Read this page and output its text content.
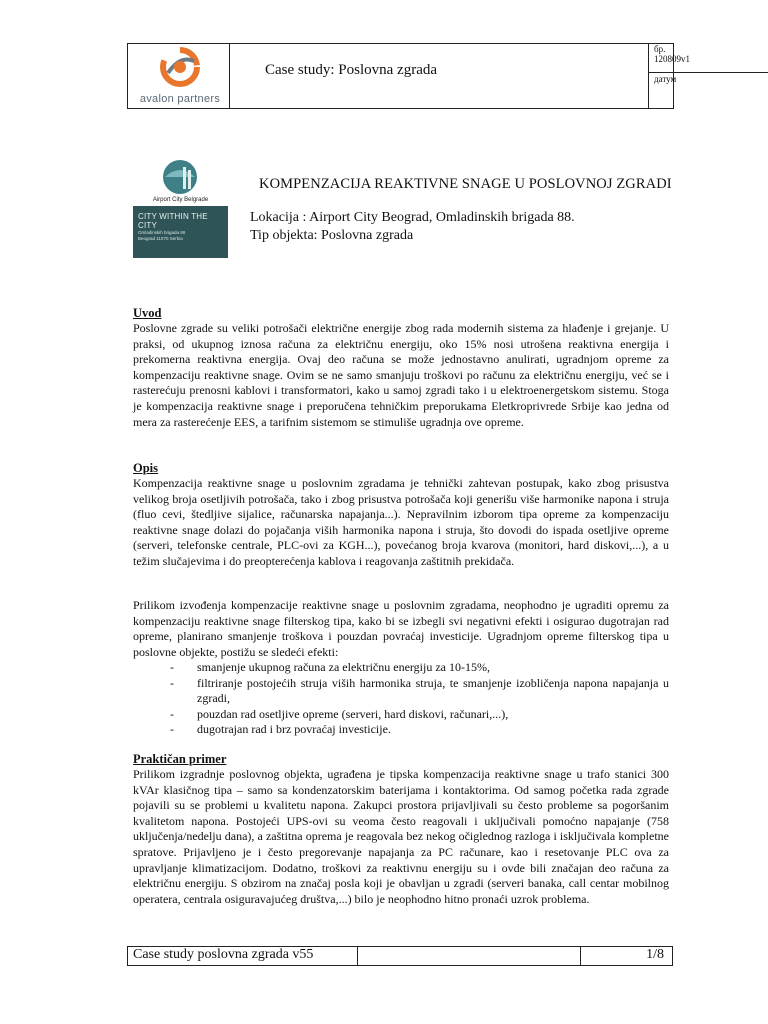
avalon partners
Case study: Poslovna zgrada
бр. 120809v1
датум
Airport City Belgrade
CITY WITHIN THE CITY
Omladinskih brigada 88 Beograd 11070 Serbia
KOMPENZACIJA REAKTIVNE SNAGE U POSLOVNOJ ZGRADI
Lokacija : Airport City Beograd, Omladinskih brigada 88.
Tip objekta: Poslovna zgrada
Uvod

Poslovne zgrade su veliki potrošači električne energije zbog rada modernih sistema za hlađenje i grejanje. U praksi, od ukupnog iznosa računa za električnu energiju, oko 15% nosi utrošena reaktivna energija i prekomerna reaktivna energija. Ovaj deo računa se može jednostavno anulirati, ugradnjom opreme za kompenzaciju reaktivne snage. Ovim se ne samo smanjuju troškovi po računu za električnu energiju, već se i rasterećuju prenosni kablovi i transformatori, kako u samoj zgradi tako i u elektroenergetskom sistemu. Stoga je kompenzacija reaktivne snage i preporučena tehničkim preporukama Eletkroprivrede Srbije kao jedna od mera za rasterećenje EES, a tarifnim sistemom se stimuliše ugradnja ove opreme.

Opis

Kompenzacija reaktivne snage u poslovnim zgradama je tehnički zahtevan postupak, kako zbog prisustva velikog broja osetljivih potrošača, tako i zbog prisustva potrošača koji generišu više harmonike napona i struja (fluo cevi, štedljive sijalice, računarska napajanja...). Nepravilnim izborom tipa opreme za kompenzaciju reaktivne snage dolazi do pojačanja viših harmonika napona i struja, što dovodi do ispada osetljive opreme (serveri, telefonske centrale, PLC-ovi za KGH...), povećanog broja kvarova (monitori, hard diskovi,...), a u težim slučajevima i do preopterećenja kablova i reagovanja zaštitnih prekidača.

Prilikom izvođenja kompenzacije reaktivne snage u poslovnim zgradama, neophodno je ugraditi opremu za kompenzaciju reaktivne snage filterskog tipa, kako bi se izbegli svi negativni efekti i osigurao dugotrajan rad opreme, planirano smanjenje troškova i pouzdan povraćaj investicije. Ugradnjom opreme filterskog tipa u poslovne objekte, postižu se sledeći efekti:

- smanjenje ukupnog računa za električnu energiju za 10-15%,
- filtriranje postojećih struja viših harmonika struja, te smanjenje izobličenja napona napajanja u zgradi,
- pouzdan rad osetljive opreme (serveri, hard diskovi, računari,...),
- dugotrajan rad i brz povraćaj investicije.
Praktičan primer

Prilikom izgradnje poslovnog objekta, ugrađena je tipska kompenzacija reaktivne snage u trafo stanici 300 kVAr klasičnog tipa – samo sa kondenzatorskim baterijama i kontaktorima. Od samog početka rada zgrade pojavili su se problemi u kvalitetu napona. Zakupci prostora prijavljivali su često probleme sa pogoršanim kvalitetom napona. Postojeći UPS-ovi su veoma često reagovali i uključivali pomoćno napajanje (758 uključenja/nedelju dana), a zaštitna oprema je reagovala bez nekog očiglednog razloga i isključivala kompletne spratove. Prijavljeno je i često pregorevanje napajanja za PC računare, kao i resetovanje PLC ova za upravljanje klimatizacijom. Dodatno, troškovi za reaktivnu energiju su i ovde bili značajan deo računa za električnu energiju. S obzirom na značaj posla koji je obavljan u zgradi (serveri banaka, call centar mobilnog operatera, centrala osiguravajućeg društva,...) bilo je neophodno hitno pronaći uzrok problema.

Case study poslovna zgrada v55	1/8
